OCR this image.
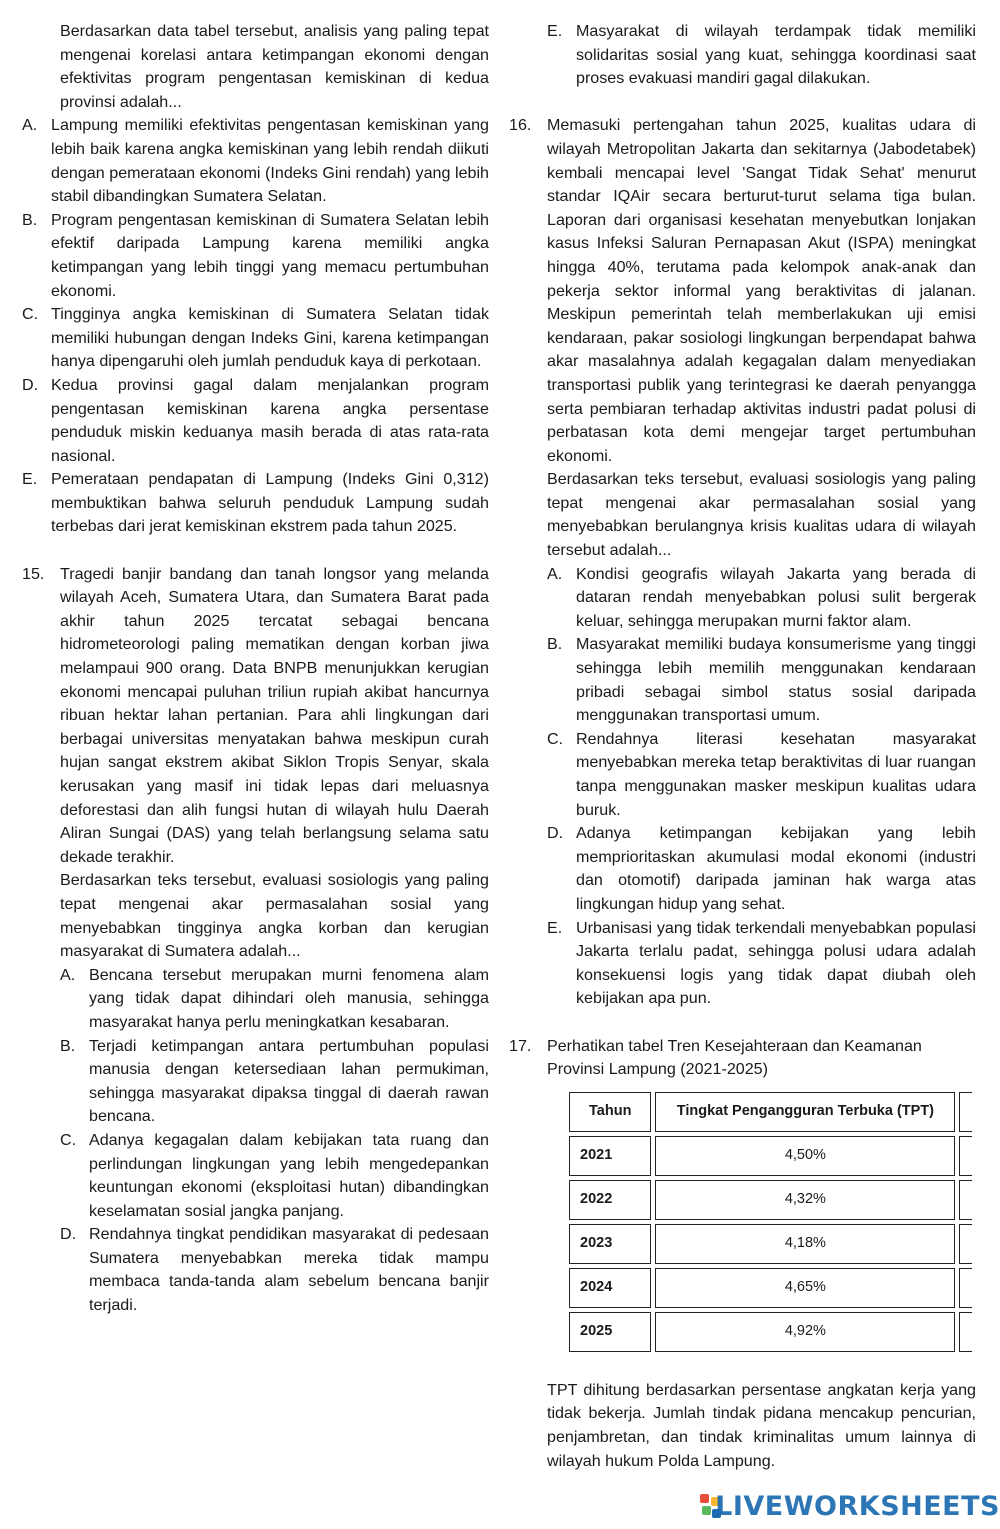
Berdasarkan data tabel tersebut, analisis yang paling tepat mengenai korelasi antara ketimpangan ekonomi dengan efektivitas program pengentasan kemiskinan di kedua provinsi adalah...

A. Lampung memiliki efektivitas pengentasan kemiskinan yang lebih baik karena angka kemiskinan yang lebih rendah diikuti dengan pemerataan ekonomi (Indeks Gini rendah) yang lebih stabil dibandingkan Sumatera Selatan.
B. Program pengentasan kemiskinan di Sumatera Selatan lebih efektif daripada Lampung karena memiliki angka ketimpangan yang lebih tinggi yang memacu pertumbuhan ekonomi.
C. Tingginya angka kemiskinan di Sumatera Selatan tidak memiliki hubungan dengan Indeks Gini, karena ketimpangan hanya dipengaruhi oleh jumlah penduduk kaya di perkotaan.
D. Kedua provinsi gagal dalam menjalankan program pengentasan kemiskinan karena angka persentase penduduk miskin keduanya masih berada di atas rata-rata nasional.
E. Pemerataan pendapatan di Lampung (Indeks Gini 0,312) membuktikan bahwa seluruh penduduk Lampung sudah terbebas dari jerat kemiskinan ekstrem pada tahun 2025.
15. Tragedi banjir bandang dan tanah longsor yang melanda wilayah Aceh, Sumatera Utara, dan Sumatera Barat pada akhir tahun 2025 tercatat sebagai bencana hidrometeorologi paling mematikan dengan korban jiwa melampaui 900 orang. Data BNPB menunjukkan kerugian ekonomi mencapai puluhan triliun rupiah akibat hancurnya ribuan hektar lahan pertanian. Para ahli lingkungan dari berbagai universitas menyatakan bahwa meskipun curah hujan sangat ekstrem akibat Siklon Tropis Senyar, skala kerusakan yang masif ini tidak lepas dari meluasnya deforestasi dan alih fungsi hutan di wilayah hulu Daerah Aliran Sungai (DAS) yang telah berlangsung selama satu dekade terakhir.

Berdasarkan teks tersebut, evaluasi sosiologis yang paling tepat mengenai akar permasalahan sosial yang menyebabkan tingginya angka korban dan kerugian masyarakat di Sumatera adalah...

A. Bencana tersebut merupakan murni fenomena alam yang tidak dapat dihindari oleh manusia, sehingga masyarakat hanya perlu meningkatkan kesabaran.
B. Terjadi ketimpangan antara pertumbuhan populasi manusia dengan ketersediaan lahan permukiman, sehingga masyarakat dipaksa tinggal di daerah rawan bencana.
C. Adanya kegagalan dalam kebijakan tata ruang dan perlindungan lingkungan yang lebih mengedepankan keuntungan ekonomi (eksploitasi hutan) dibandingkan keselamatan sosial jangka panjang.
D. Rendahnya tingkat pendidikan masyarakat di pedesaan Sumatera menyebabkan mereka tidak mampu membaca tanda-tanda alam sebelum bencana banjir terjadi.
E. Masyarakat di wilayah terdampak tidak memiliki solidaritas sosial yang kuat, sehingga koordinasi saat proses evakuasi mandiri gagal dilakukan.
16. Memasuki pertengahan tahun 2025, kualitas udara di wilayah Metropolitan Jakarta dan sekitarnya (Jabodetabek) kembali mencapai level 'Sangat Tidak Sehat' menurut standar IQAir secara berturut-turut selama tiga bulan. Laporan dari organisasi kesehatan menyebutkan lonjakan kasus Infeksi Saluran Pernapasan Akut (ISPA) meningkat hingga 40%, terutama pada kelompok anak-anak dan pekerja sektor informal yang beraktivitas di jalanan. Meskipun pemerintah telah memberlakukan uji emisi kendaraan, pakar sosiologi lingkungan berpendapat bahwa akar masalahnya adalah kegagalan dalam menyediakan transportasi publik yang terintegrasi ke daerah penyangga serta pembiaran terhadap aktivitas industri padat polusi di perbatasan kota demi mengejar target pertumbuhan ekonomi.

Berdasarkan teks tersebut, evaluasi sosiologis yang paling tepat mengenai akar permasalahan sosial yang menyebabkan berulangnya krisis kualitas udara di wilayah tersebut adalah...

A. Kondisi geografis wilayah Jakarta yang berada di dataran rendah menyebabkan polusi sulit bergerak keluar, sehingga merupakan murni faktor alam.
B. Masyarakat memiliki budaya konsumerisme yang tinggi sehingga lebih memilih menggunakan kendaraan pribadi sebagai simbol status sosial daripada menggunakan transportasi umum.
C. Rendahnya literasi kesehatan masyarakat menyebabkan mereka tetap beraktivitas di luar ruangan tanpa menggunakan masker meskipun kualitas udara buruk.
D. Adanya ketimpangan kebijakan yang lebih memprioritaskan akumulasi modal ekonomi (industri dan otomotif) daripada jaminan hak warga atas lingkungan hidup yang sehat.
E. Urbanisasi yang tidak terkendali menyebabkan populasi Jakarta terlalu padat, sehingga polusi udara adalah konsekuensi logis yang tidak dapat diubah oleh kebijakan apa pun.
17. Perhatikan tabel Tren Kesejahteraan dan Keamanan Provinsi Lampung (2021-2025)

Tahun	Tingkat Pengangguran Terbuka (TPT)	
2021	4,50%	
2022	4,32%	
2023	4,18%	
2024	4,65%	
2025	4,92%	

TPT dihitung berdasarkan persentase angkatan kerja yang tidak bekerja. Jumlah tindak pidana mencakup pencurian, penjambretan, dan tindak kriminalitas umum lainnya di wilayah hukum Polda Lampung.

LIVEWORKSHEETS
